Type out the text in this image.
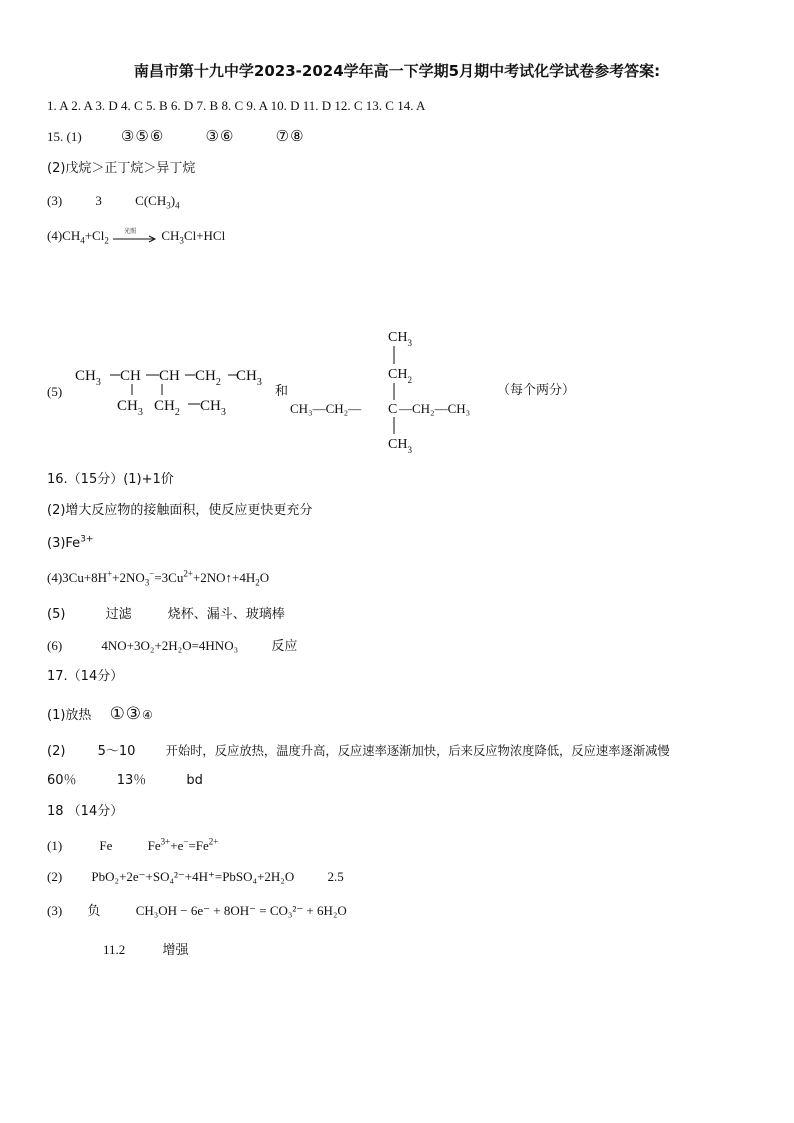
南昌市第十九中学2023-2024学年高一下学期5月期中考试化学试卷参考答案:
1. A 2. A 3. D 4. C 5. B 6. D 7. B 8. C 9. A 10. D 11. D 12. C 13. C 14. A
15. (1)	③⑤⑥	③⑥	⑦⑧
(2)戊烷＞正丁烷＞异丁烷
(3)	3	$C(CH_3)_4$
$(4)CH_4+Cl_2$
光照 $CH_3Cl+HCl$
(5)
$CH_3$ CH CH $CH_2$ $CH_3$
$CH_3$ $CH_2$ $CH_3$
和
$CH_3$
$CH_2$
CH₃—CH₂— C —CH₂—CH₃
$CH_3$
（每个两分）
16.（15分）(1)+1价
(2)增大反应物的接触面积，使反应更快更充分
$(3)Fe^{3+}$
$(4)3Cu+8H^++2NO_3^-=3Cu^{2+}+2NO↑+4H_2O$
(5)	过滤	烧杯、漏斗、玻璃棒
(6)	4NO+3O₂+2H₂O=4HNO₃	反应
17.（14分）
(1)放热 ①③④
(2) 5～10 开始时，反应放热，温度升高，反应速率逐渐加快，后来反应物浓度降低，反应速率逐渐减慢
60％	13％	bd
18 （14分）
(1)	Fe	$Fe^{3+}+e^-=Fe^{2+}$
(2) PbO₂+2e⁻+SO₄²⁻+4H⁺=PbSO₄+2H₂O	2.5
(3) 负	CH₃OH − 6e⁻ + 8OH⁻ = CO₃²⁻ + 6H₂O
11.2	增强
